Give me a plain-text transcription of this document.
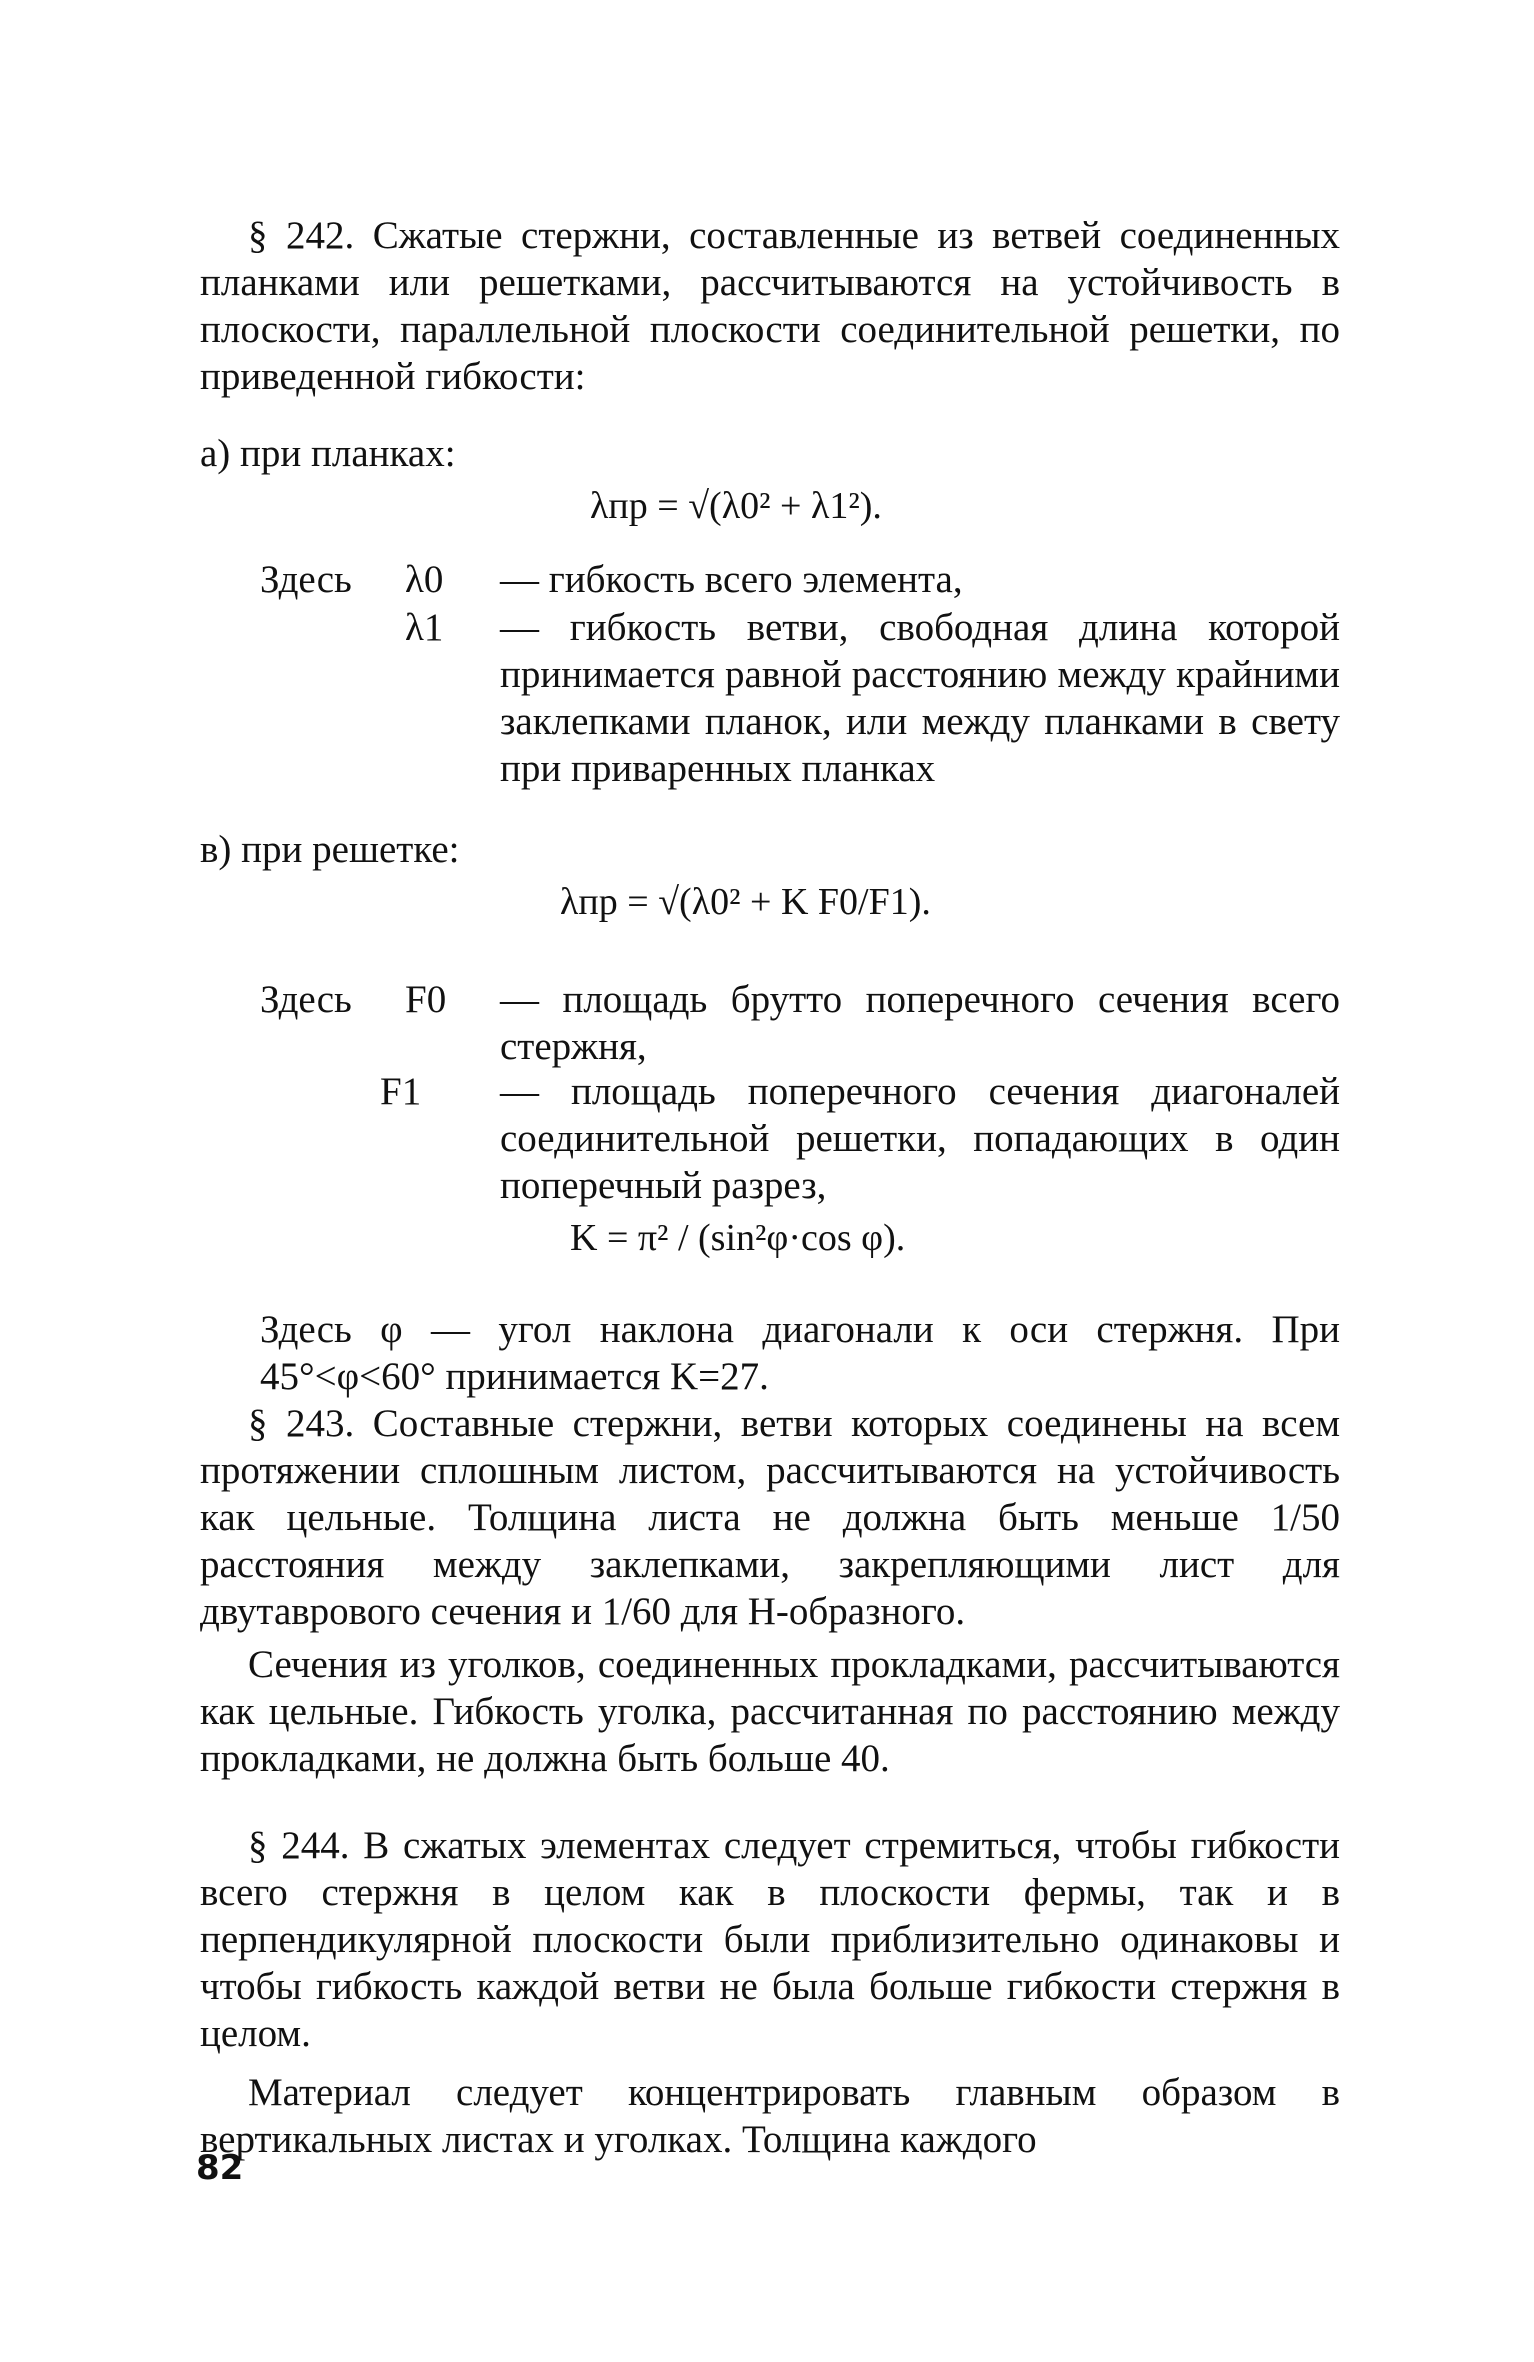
§ 242. Сжатые стержни, составленные из ветвей соединенных планками или решетками, рассчитываются на устойчивость в плоскости, параллельной плоскости соединительной решетки, по приведенной гибкости:

а) при планках:

λпр = √(λ0² + λ1²).
Здесь λ0 — гибкость всего элемента,
λ1 — гибкость ветви, свободная длина которой принимается равной расстоянию между крайними заклепками планок, или между планками в свету при приваренных планках

в) при решетке:

λпр = √(λ0² + K F0/F1).
Здесь F0 — площадь брутто поперечного сечения всего стержня,
F1 — площадь поперечного сечения диагоналей соединительной решетки, попадающих в один поперечный разрез,
K = π² / (sin²φ·cos φ).

Здесь φ — угол наклона диагонали к оси стержня. При 45°<φ<60° принимается K=27.

§ 243. Составные стержни, ветви которых соединены на всем протяжении сплошным листом, рассчитываются на устойчивость как цельные. Толщина листа не должна быть меньше 1/50 расстояния между заклепками, закрепляющими лист для двутаврового сечения и 1/60 для Н-образного.

Сечения из уголков, соединенных прокладками, рассчитываются как цельные. Гибкость уголка, рассчитанная по расстоянию между прокладками, не должна быть больше 40.

§ 244. В сжатых элементах следует стремиться, чтобы гибкости всего стержня в целом как в плоскости фермы, так и в перпендикулярной плоскости были приблизительно одинаковы и чтобы гибкость каждой ветви не была больше гибкости стержня в целом.

Материал следует концентрировать главным образом в вертикальных листах и уголках. Толщина каждого

82
